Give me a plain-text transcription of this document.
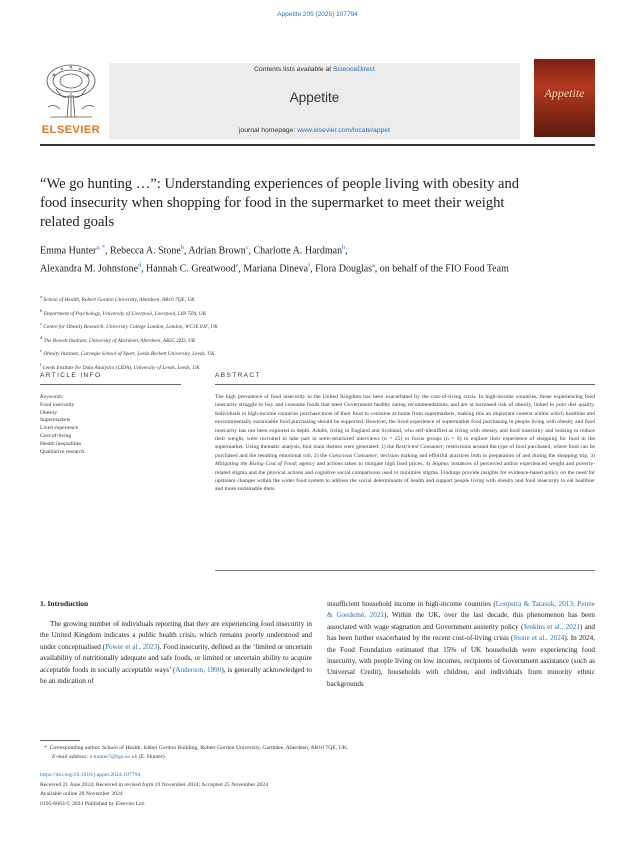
Appetite 205 (2025) 107794
ELSEVIER
Contents lists available at ScienceDirect
Appetite
journal homepage: www.elsevier.com/locate/appet
Appetite
“We go hunting …”: Understanding experiences of people living with obesity and food insecurity when shopping for food in the supermarket to meet their weight related goals
Emma Hunter$^{a, *}$, Rebecca A. Stone$^b$, Adrian Brown$^c$, Charlotte A. Hardman$^b$,
Alexandra M. Johnstone$^d$, Hannah C. Greatwood$^e$, Mariana Dineva$^f$, Flora Douglas$^a$, on behalf of the FIO Food Team
$^a$ School of Health, Robert Gordon University, Aberdeen, AB10 7QE, UK
$^b$ Department of Psychology, University of Liverpool, Liverpool, L69 7ZA, UK
$^c$ Centre for Obesity Research, University College London, London, WC1E 6JF, UK
$^d$ The Rowett Institute, University of Aberdeen, Aberdeen, AB25 2ZD, UK
$^e$ Obesity Institute, Carnegie School of Sport, Leeds Beckett University, Leeds, UK
$^f$ Leeds Institute for Data Analytics (LIDA), University of Leeds, Leeds, UK
ARTICLE INFO	ABSTRACT
Keywords:
Food insecurity
Obesity
Supermarkets
Lived experience
Cost-of-living
Health inequalities
Qualitative research
The high prevalence of food insecurity in the United Kingdom has been exacerbated by the cost-of-living crisis. In high-income countries, those experiencing food insecurity struggle to buy and consume foods that meet Government healthy eating recommendations, and are at increased risk of obesity, linked to poor diet quality. Individuals in high-income countries purchase most of their food to consume at home from supermarkets, making this an important context within which healthier and environmentally sustainable food purchasing should be supported. However, the lived experience of supermarket food purchasing in people living with obesity and food insecurity has not been explored in depth. Adults, living in England and Scotland, who self-identified as living with obesity and food insecurity and looking to reduce their weight, were recruited to take part in semi-structured interviews (n = 25) or focus groups (n = 8) to explore their experience of shopping for food in the supermarket. Using thematic analysis, four main themes were generated: 1) the Restricted Consumer; restrictions around the type of food purchased, where food can be purchased and the resulting emotional toll, 2) the Conscious Consumer; decision making and effortful practices both in preparation of and during the shopping trip, 3) Mitigating the Rising Cost of Food; agency and actions taken to mitigate high food prices, 4) Stigma; instances of perceived and/or experienced weight and poverty-related stigma and the physical actions and cognitive social comparisons used to minimise stigma. Findings provide insights for evidence-based policy on the need for upstream changes within the wider food system to address the social determinants of health and support people living with obesity and food insecurity to eat healthier and more sustainable diets.
1. Introduction
The growing number of individuals reporting that they are experiencing food insecurity in the United Kingdom indicates a public health crisis, which remains poorly understood and under conceptualised (Power et al., 2023). Food insecurity, defined as the ‘limited or uncertain availability of nutritionally adequate and safe foods, or limited or uncertain ability to acquire acceptable foods in socially acceptable ways’ (Anderson, 1990), is generally acknowledged to be an indication of
insufficient household income in high-income countries (Loopstra & Tarasuk, 2013; Penne & Goedemé, 2021). Within the UK, over the last decade, this phenomenon has been associated with wage stagnation and Government austerity policy (Jenkins et al., 2021) and has been further exacerbated by the recent cost-of-living crisis (Stone et al., 2024). In 2024, the Food Foundation estimated that 15% of UK households were experiencing food insecurity, with people living on low incomes, recipients of Government assistance (such as Universal Credit), households with children, and individuals from minority ethnic backgrounds
* Corresponding author. School of Health, Ishbel Gordon Building, Robert Gordon University, Garthdee, Aberdeen, AB10 7QE, UK.
E-mail address: e.hunter7@rgu.ac.uk (E. Hunter).
https://doi.org/10.1016/j.appet.2024.107794
Received 21 June 2024; Received in revised form 19 November 2024; Accepted 25 November 2024
Available online 28 November 2024
0195-6663/© 2024 Published by Elsevier Ltd.
